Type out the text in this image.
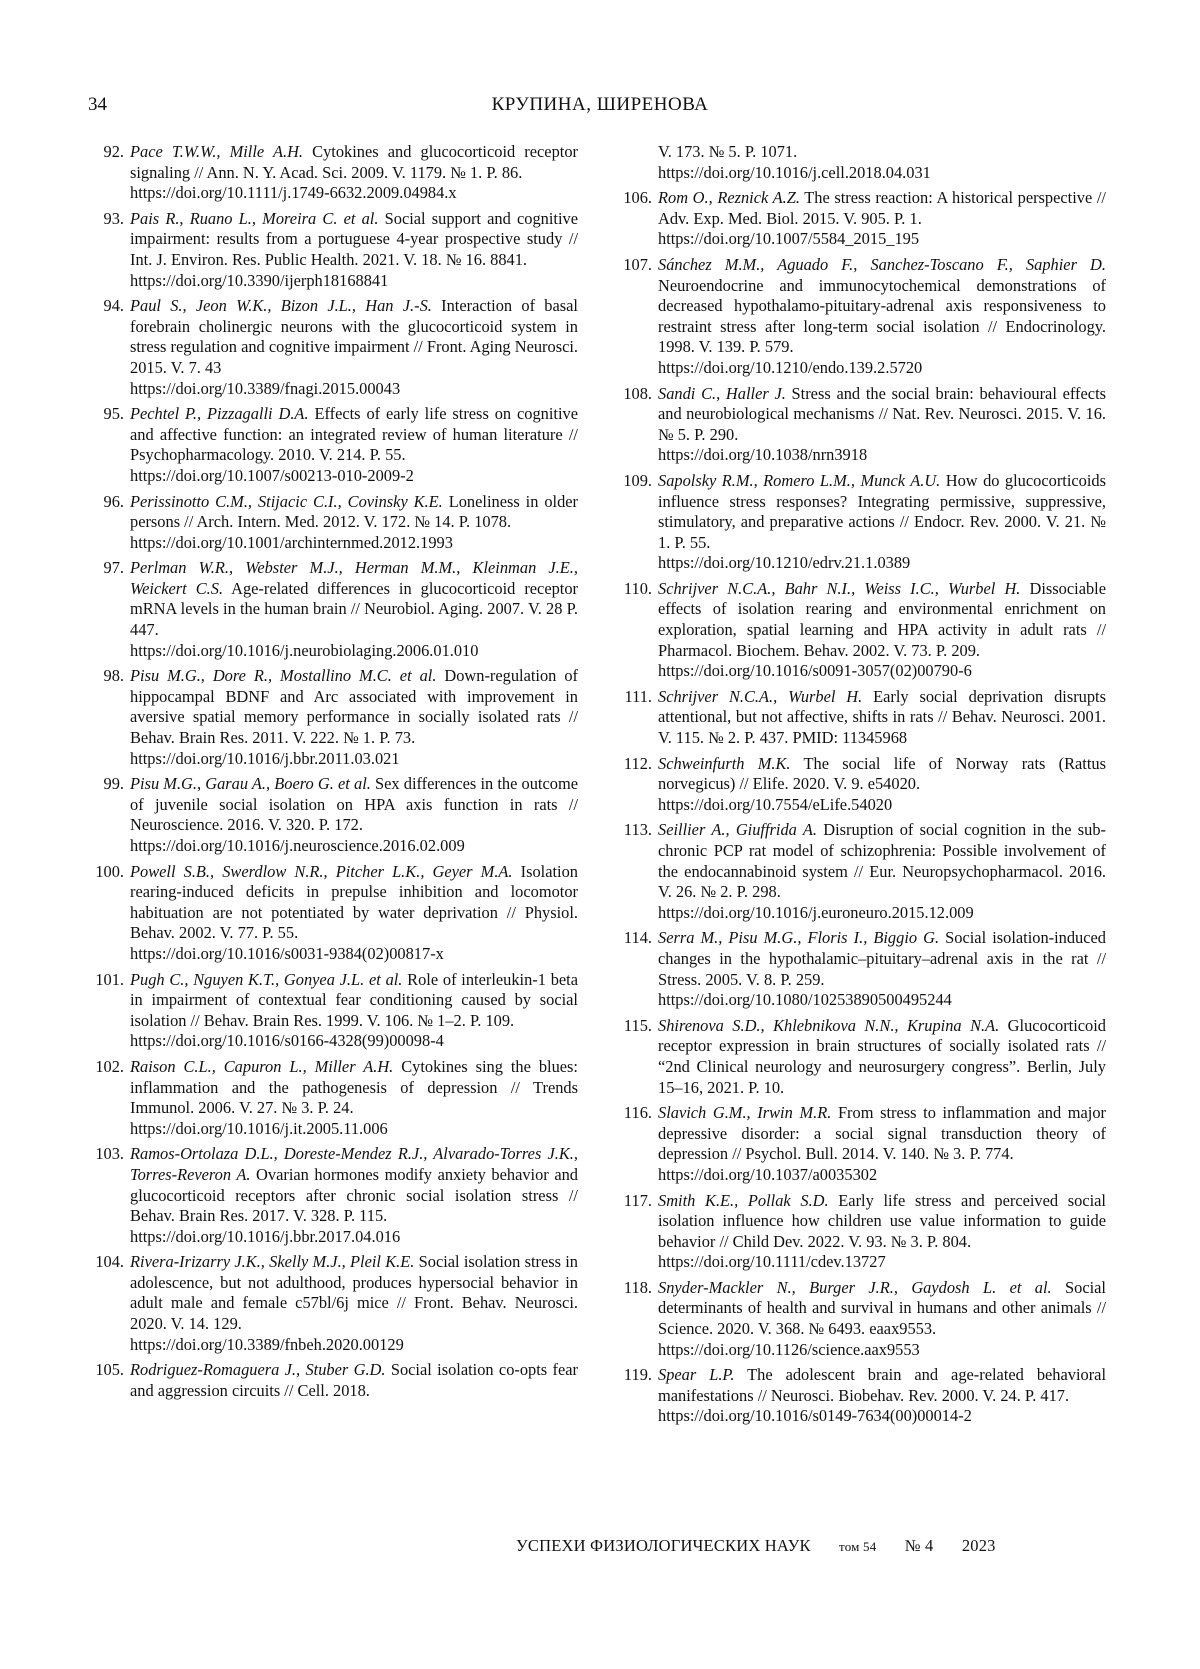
34	КРУПИНА, ШИРЕНОВА
92. Pace T.W.W., Mille A.H. Cytokines and glucocorticoid receptor signaling // Ann. N. Y. Acad. Sci. 2009. V. 1179. № 1. P. 86.
https://doi.org/10.1111/j.1749-6632.2009.04984.x
93. Pais R., Ruano L., Moreira C. et al. Social support and cognitive impairment: results from a portuguese 4-year prospective study // Int. J. Environ. Res. Public Health. 2021. V. 18. № 16. 8841.
https://doi.org/10.3390/ijerph18168841
94. Paul S., Jeon W.K., Bizon J.L., Han J.-S. Interaction of basal forebrain cholinergic neurons with the glucocorticoid system in stress regulation and cognitive impairment // Front. Aging Neurosci. 2015. V. 7. 43
https://doi.org/10.3389/fnagi.2015.00043
95. Pechtel P., Pizzagalli D.A. Effects of early life stress on cognitive and affective function: an integrated review of human literature // Psychopharmacology. 2010. V. 214. P. 55.
https://doi.org/10.1007/s00213-010-2009-2
96. Perissinotto C.M., Stijacic C.I., Covinsky K.E. Loneliness in older persons // Arch. Intern. Med. 2012. V. 172. № 14. P. 1078.
https://doi.org/10.1001/archinternmed.2012.1993
97. Perlman W.R., Webster M.J., Herman M.M., Kleinman J.E., Weickert C.S. Age-related differences in glucocorticoid receptor mRNA levels in the human brain // Neurobiol. Aging. 2007. V. 28 P. 447.
https://doi.org/10.1016/j.neurobiolaging.2006.01.010
98. Pisu M.G., Dore R., Mostallino M.C. et al. Down-regulation of hippocampal BDNF and Arc associated with improvement in aversive spatial memory performance in socially isolated rats // Behav. Brain Res. 2011. V. 222. № 1. P. 73.
https://doi.org/10.1016/j.bbr.2011.03.021
99. Pisu M.G., Garau A., Boero G. et al. Sex differences in the outcome of juvenile social isolation on HPA axis function in rats // Neuroscience. 2016. V. 320. P. 172.
https://doi.org/10.1016/j.neuroscience.2016.02.009
100. Powell S.B., Swerdlow N.R., Pitcher L.K., Geyer M.A. Isolation rearing-induced deficits in prepulse inhibition and locomotor habituation are not potentiated by water deprivation // Physiol. Behav. 2002. V. 77. P. 55.
https://doi.org/10.1016/s0031-9384(02)00817-x
101. Pugh C., Nguyen K.T., Gonyea J.L. et al. Role of interleukin-1 beta in impairment of contextual fear conditioning caused by social isolation // Behav. Brain Res. 1999. V. 106. № 1–2. P. 109.
https://doi.org/10.1016/s0166-4328(99)00098-4
102. Raison C.L., Capuron L., Miller A.H. Cytokines sing the blues: inflammation and the pathogenesis of depression // Trends Immunol. 2006. V. 27. № 3. P. 24.
https://doi.org/10.1016/j.it.2005.11.006
103. Ramos-Ortolaza D.L., Doreste-Mendez R.J., Alvarado-Torres J.K., Torres-Reveron A. Ovarian hormones modify anxiety behavior and glucocorticoid receptors after chronic social isolation stress // Behav. Brain Res. 2017. V. 328. P. 115.
https://doi.org/10.1016/j.bbr.2017.04.016
104. Rivera-Irizarry J.K., Skelly M.J., Pleil K.E. Social isolation stress in adolescence, but not adulthood, produces hypersocial behavior in adult male and female c57bl/6j mice // Front. Behav. Neurosci. 2020. V. 14. 129.
https://doi.org/10.3389/fnbeh.2020.00129
105. Rodriguez-Romaguera J., Stuber G.D. Social isolation co-opts fear and aggression circuits // Cell. 2018.
V. 173. № 5. P. 1071.
https://doi.org/10.1016/j.cell.2018.04.031
106. Rom O., Reznick A.Z. The stress reaction: A historical perspective // Adv. Exp. Med. Biol. 2015. V. 905. P. 1.
https://doi.org/10.1007/5584_2015_195
107. Sánchez M.M., Aguado F., Sanchez-Toscano F., Saphier D. Neuroendocrine and immunocytochemical demonstrations of decreased hypothalamo-pituitary-adrenal axis responsiveness to restraint stress after long-term social isolation // Endocrinology. 1998. V. 139. P. 579.
https://doi.org/10.1210/endo.139.2.5720
108. Sandi C., Haller J. Stress and the social brain: behavioural effects and neurobiological mechanisms // Nat. Rev. Neurosci. 2015. V. 16. № 5. P. 290.
https://doi.org/10.1038/nrn3918
109. Sapolsky R.M., Romero L.M., Munck A.U. How do glucocorticoids influence stress responses? Integrating permissive, suppressive, stimulatory, and preparative actions // Endocr. Rev. 2000. V. 21. № 1. P. 55.
https://doi.org/10.1210/edrv.21.1.0389
110. Schrijver N.C.A., Bahr N.I., Weiss I.C., Wurbel H. Dissociable effects of isolation rearing and environmental enrichment on exploration, spatial learning and HPA activity in adult rats // Pharmacol. Biochem. Behav. 2002. V. 73. P. 209.
https://doi.org/10.1016/s0091-3057(02)00790-6
111. Schrijver N.C.A., Wurbel H. Early social deprivation disrupts attentional, but not affective, shifts in rats // Behav. Neurosci. 2001. V. 115. № 2. P. 437. PMID: 11345968
112. Schweinfurth M.K. The social life of Norway rats (Rattus norvegicus) // Elife. 2020. V. 9. e54020.
https://doi.org/10.7554/eLife.54020
113. Seillier A., Giuffrida A. Disruption of social cognition in the sub-chronic PCP rat model of schizophrenia: Possible involvement of the endocannabinoid system // Eur. Neuropsychopharmacol. 2016. V. 26. № 2. P. 298.
https://doi.org/10.1016/j.euroneuro.2015.12.009
114. Serra M., Pisu M.G., Floris I., Biggio G. Social isolation-induced changes in the hypothalamic–pituitary–adrenal axis in the rat // Stress. 2005. V. 8. P. 259.
https://doi.org/10.1080/10253890500495244
115. Shirenova S.D., Khlebnikova N.N., Krupina N.A. Glucocorticoid receptor expression in brain structures of socially isolated rats // “2nd Clinical neurology and neurosurgery congress”. Berlin, July 15–16, 2021. P. 10.
116. Slavich G.M., Irwin M.R. From stress to inflammation and major depressive disorder: a social signal transduction theory of depression // Psychol. Bull. 2014. V. 140. № 3. P. 774.
https://doi.org/10.1037/a0035302
117. Smith K.E., Pollak S.D. Early life stress and perceived social isolation influence how children use value information to guide behavior // Child Dev. 2022. V. 93. № 3. P. 804.
https://doi.org/10.1111/cdev.13727
118. Snyder-Mackler N., Burger J.R., Gaydosh L. et al. Social determinants of health and survival in humans and other animals // Science. 2020. V. 368. № 6493. eaax9553.
https://doi.org/10.1126/science.aax9553
119. Spear L.P. The adolescent brain and age-related behavioral manifestations // Neurosci. Biobehav. Rev. 2000. V. 24. P. 417.
https://doi.org/10.1016/s0149-7634(00)00014-2
УСПЕХИ ФИЗИОЛОГИЧЕСКИХ НАУК том 54 № 4 2023
